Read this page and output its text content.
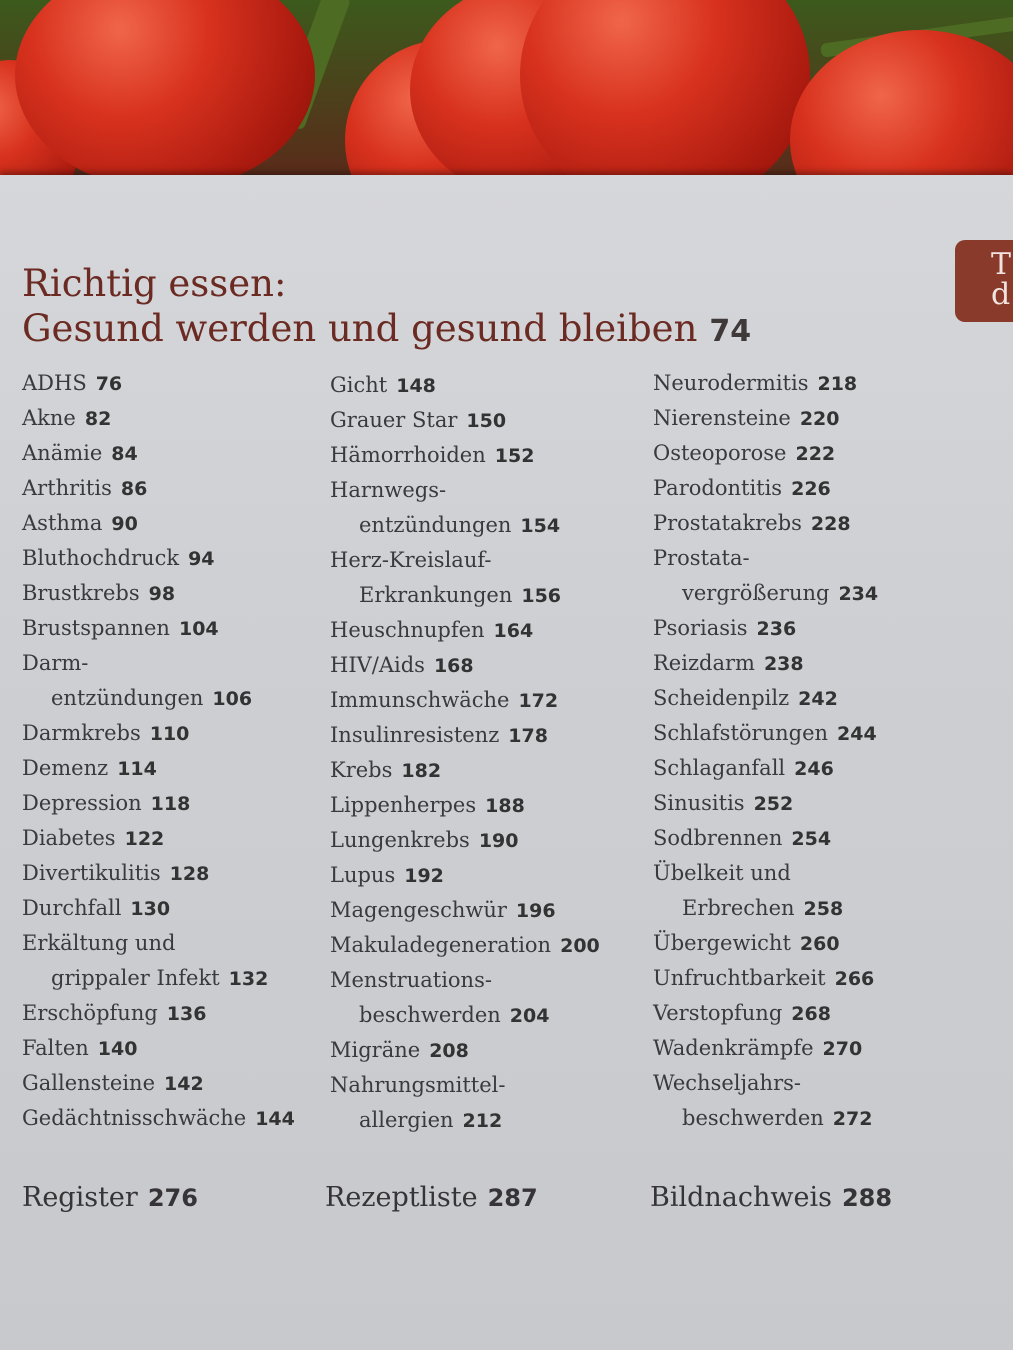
Richtig essen:
Gesund werden und gesund bleiben 74
T
d
ADHS 76
Akne 82
Anämie 84
Arthritis 86
Asthma 90
Bluthochdruck 94
Brustkrebs 98
Brustspannen 104
Darm-
entzündungen 106
Darmkrebs 110
Demenz 114
Depression 118
Diabetes 122
Divertikulitis 128
Durchfall 130
Erkältung und
grippaler Infekt 132
Erschöpfung 136
Falten 140
Gallensteine 142
Gedächtnisschwäche 144
Gicht 148
Grauer Star 150
Hämorrhoiden 152
Harnwegs-
entzündungen 154
Herz-Kreislauf-
Erkrankungen 156
Heuschnupfen 164
HIV/Aids 168
Immunschwäche 172
Insulinresistenz 178
Krebs 182
Lippenherpes 188
Lungenkrebs 190
Lupus 192
Magengeschwür 196
Makuladegeneration 200
Menstruations-
beschwerden 204
Migräne 208
Nahrungsmittel-
allergien 212
Neurodermitis 218
Nierensteine 220
Osteoporose 222
Parodontitis 226
Prostatakrebs 228
Prostata-
vergrößerung 234
Psoriasis 236
Reizdarm 238
Scheidenpilz 242
Schlafstörungen 244
Schlaganfall 246
Sinusitis 252
Sodbrennen 254
Übelkeit und
Erbrechen 258
Übergewicht 260
Unfruchtbarkeit 266
Verstopfung 268
Wadenkrämpfe 270
Wechseljahrs-
beschwerden 272
Register 276	Rezeptliste 287	Bildnachweis 288
